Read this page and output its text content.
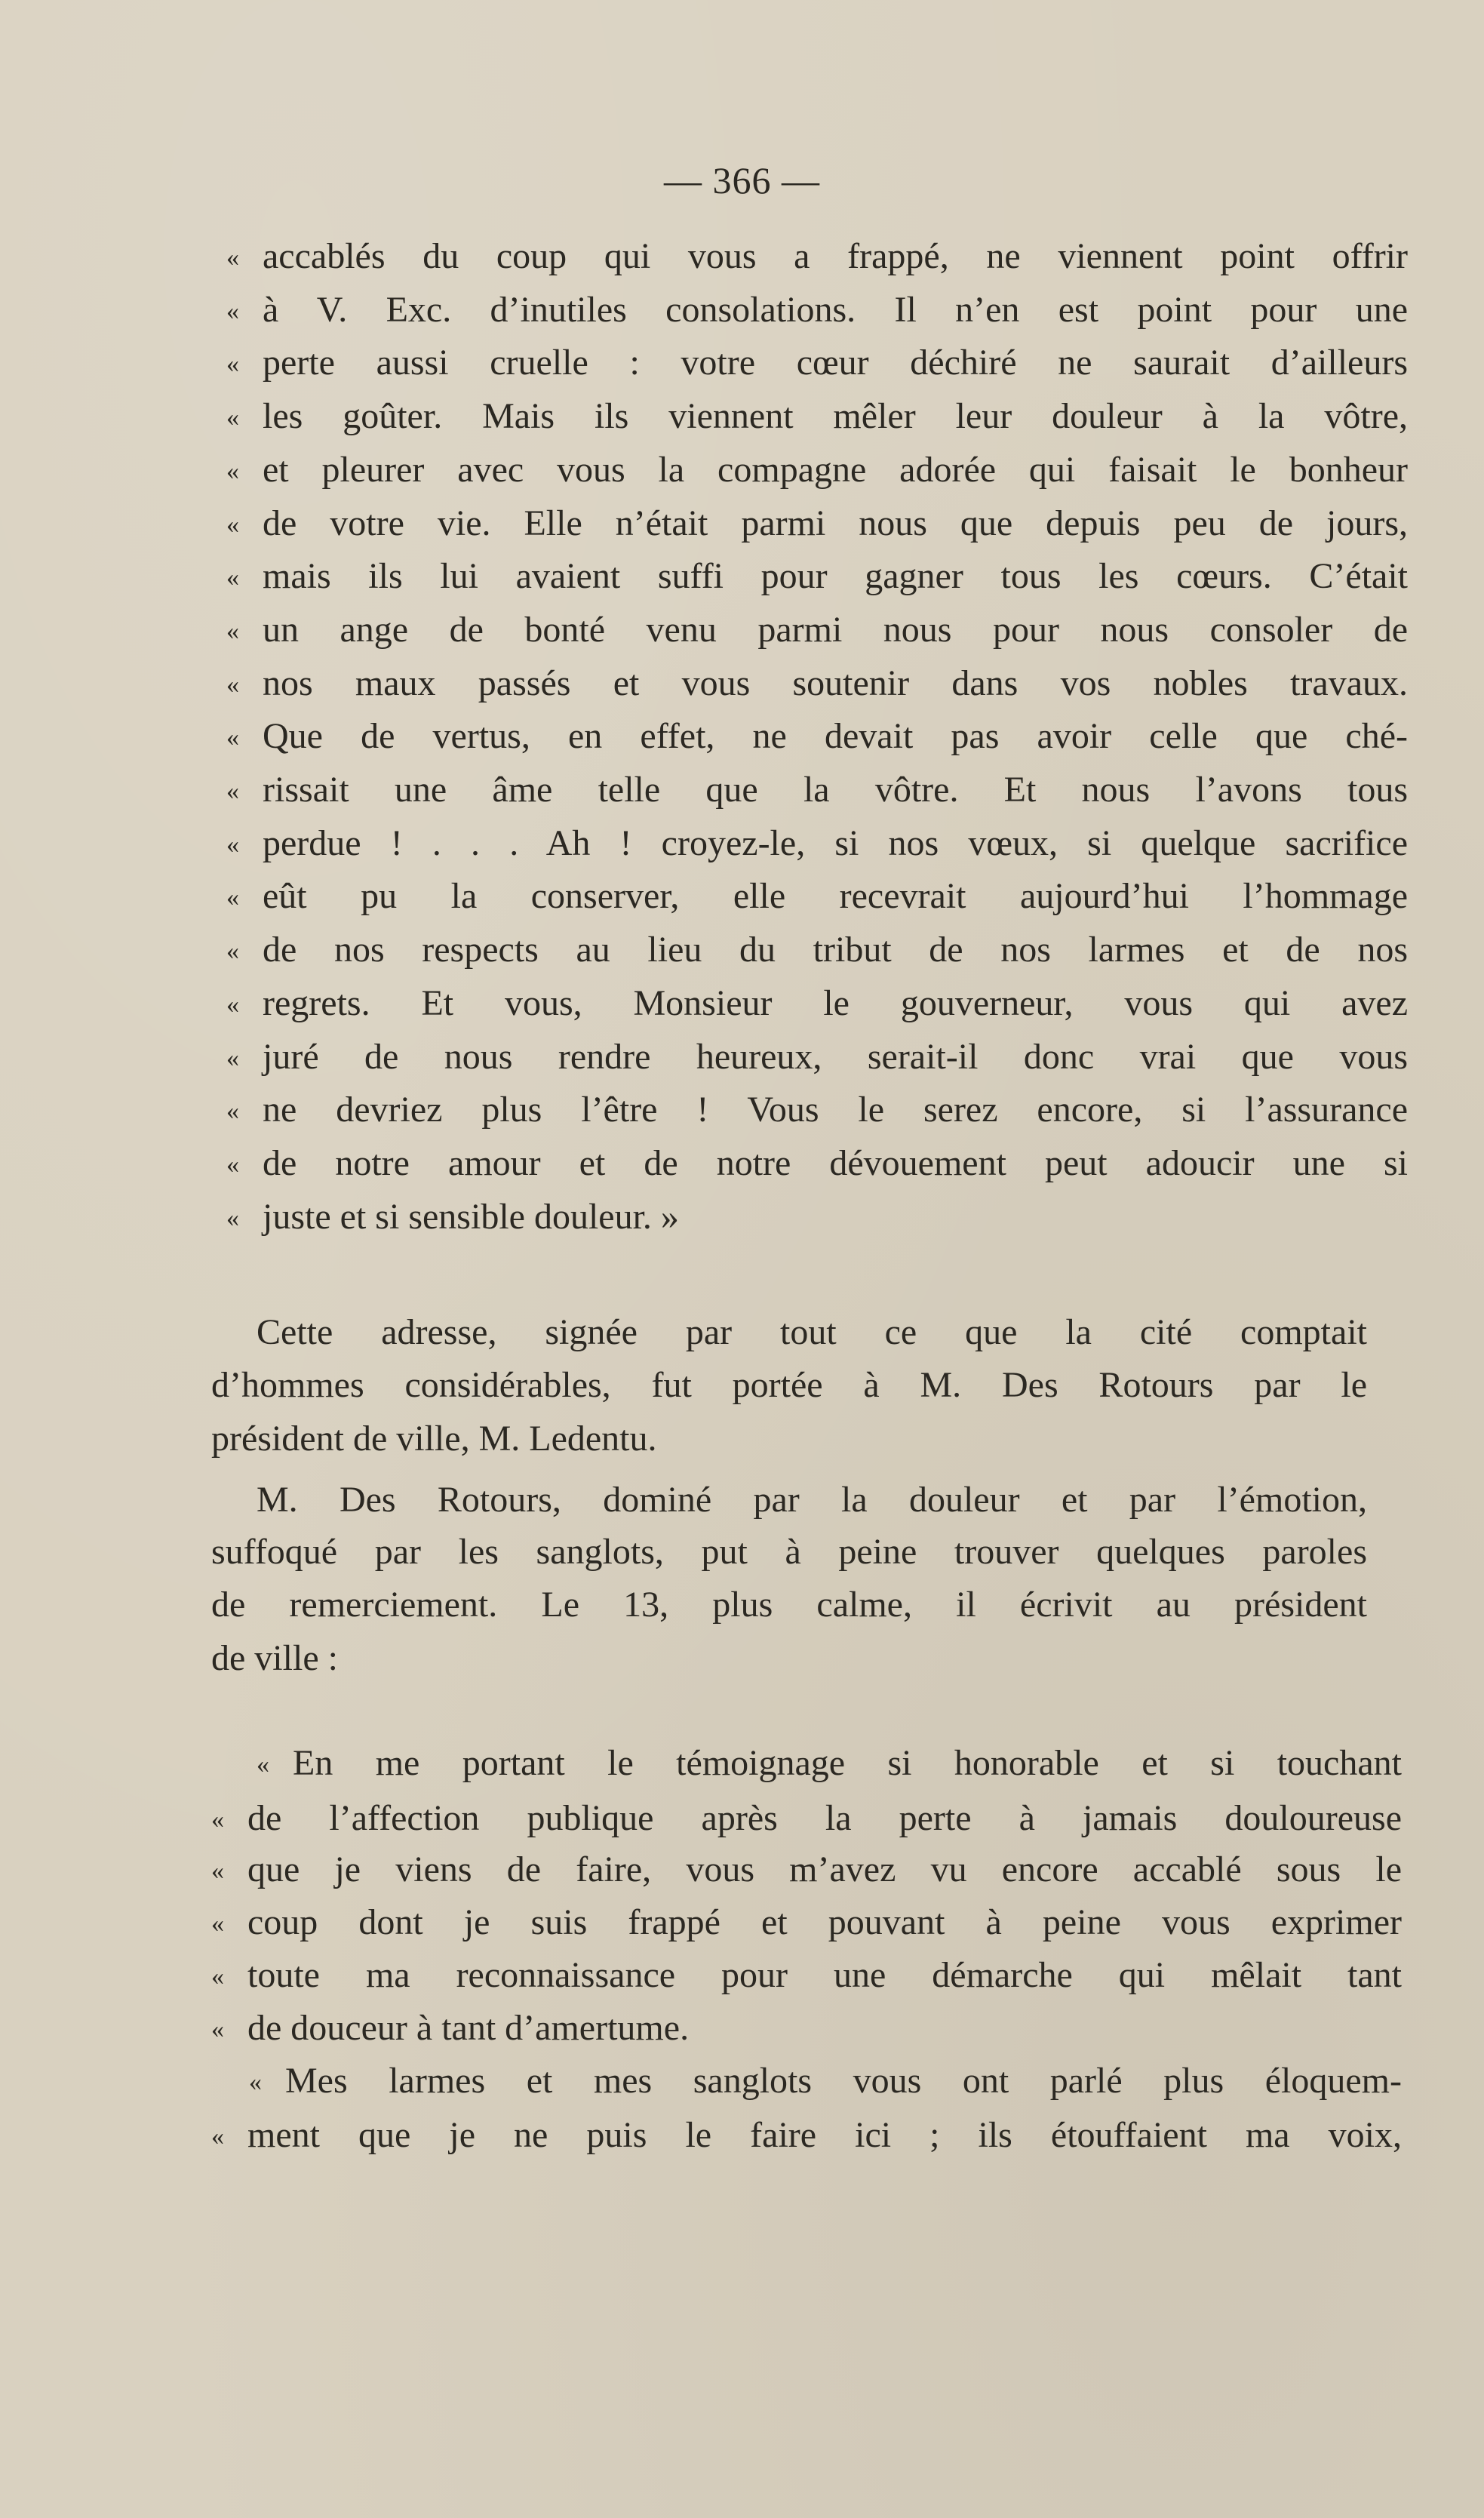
— 366 —
« accablés du coup qui vous a frappé, ne viennent point offrir
« à V. Exc. d’inutiles consolations. Il n’en est point pour une
« perte aussi cruelle : votre cœur déchiré ne saurait d’ailleurs
« les goûter. Mais ils viennent mêler leur douleur à la vôtre,
« et pleurer avec vous la compagne adorée qui faisait le bonheur
« de votre vie. Elle n’était parmi nous que depuis peu de jours,
« mais ils lui avaient suffi pour gagner tous les cœurs. C’était
« un ange de bonté venu parmi nous pour nous consoler de
« nos maux passés et vous soutenir dans vos nobles travaux.
« Que de vertus, en effet, ne devait pas avoir celle que ché-
« rissait une âme telle que la vôtre. Et nous l’avons tous
« perdue ! . . . Ah ! croyez-le, si nos vœux, si quelque sacrifice
« eût pu la conserver, elle recevrait aujourd’hui l’hommage
« de nos respects au lieu du tribut de nos larmes et de nos
« regrets. Et vous, Monsieur le gouverneur, vous qui avez
« juré de nous rendre heureux, serait-il donc vrai que vous
« ne devriez plus l’être ! Vous le serez encore, si l’assurance
« de notre amour et de notre dévouement peut adoucir une si
« juste et si sensible douleur. »
Cette adresse, signée par tout ce que la cité comptait
d’hommes considérables, fut portée à M. Des Rotours par le
président de ville, M. Ledentu.
M. Des Rotours, dominé par la douleur et par l’émotion,
suffoqué par les sanglots, put à peine trouver quelques paroles
de remerciement. Le 13, plus calme, il écrivit au président
de ville :
« En me portant le témoignage si honorable et si touchant
« de l’affection publique après la perte à jamais douloureuse
« que je viens de faire, vous m’avez vu encore accablé sous le
« coup dont je suis frappé et pouvant à peine vous exprimer
« toute ma reconnaissance pour une démarche qui mêlait tant
« de douceur à tant d’amertume.
« Mes larmes et mes sanglots vous ont parlé plus éloquem-
« ment que je ne puis le faire ici ; ils étouffaient ma voix,
